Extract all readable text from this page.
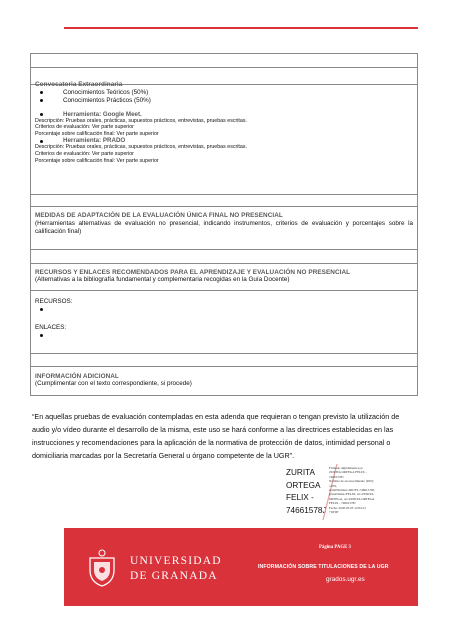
Convocatoria Extraordinaria
Conocimientos Teóricos (50%)
Conocimientos Prácticos (50%)
Herramienta: Google Meet.
Descripción: Pruebas orales, prácticas, supuestos prácticos, entrevistas, pruebas escritas.
Criterios de evaluación: Ver parte superior
Porcentaje sobre calificación final: Ver parte superior
Herramienta: PRADO
Descripción: Pruebas orales, prácticas, supuestos prácticos, entrevistas, pruebas escritas.
Criterios de evaluación: Ver parte superior
Porcentaje sobre calificación final: Ver parte superior
MEDIDAS DE ADAPTACIÓN DE LA EVALUACIÓN ÚNICA FINAL NO PRESENCIAL
(Herramientas alternativas de evaluación no presencial, indicando instrumentos, criterios de evaluación y porcentajes sobre la calificación final)
RECURSOS Y ENLACES RECOMENDADOS PARA EL APRENDIZAJE Y EVALUACIÓN NO PRESENCIAL
(Alternativas a la bibliografía fundamental y complementaria recogidas en la Guía Docente)
RECURSOS:
ENLACES:
INFORMACIÓN ADICIONAL
(Cumplimentar con el texto correspondiente, si procede)
“En aquellas pruebas de evaluación contempladas en esta adenda que requieran o tengan previsto la utilización de audio y/o vídeo durante el desarrollo de la misma, este uso se hará conforme a las directrices establecidas en las instrucciones y recomendaciones para la aplicación de la normativa de protección de datos, intimidad personal o domiciliaria marcadas por la Secretaría General u órgano competente de la UGR”.
ZURITA
ORTEGA
FELIX -
74661578J
Firmado digitalmente por
ZURITA ORTEGA FELIX -
74661578J
Nombre de reconocimiento (DN):
c=ES,
serialNumber=IDCES-74661578J,
givenName=FELIX, sn=ZURITA
ORTEGA, cn=ZURITA ORTEGA
FELIX - 74661578J
Fecha: 2020.05.05 12:04:15
+02'00'
UNIVERSIDAD
DE GRANADA
Página PAGE 3
INFORMACIÓN SOBRE TITULACIONES DE LA UGR
grados.ugr.es
